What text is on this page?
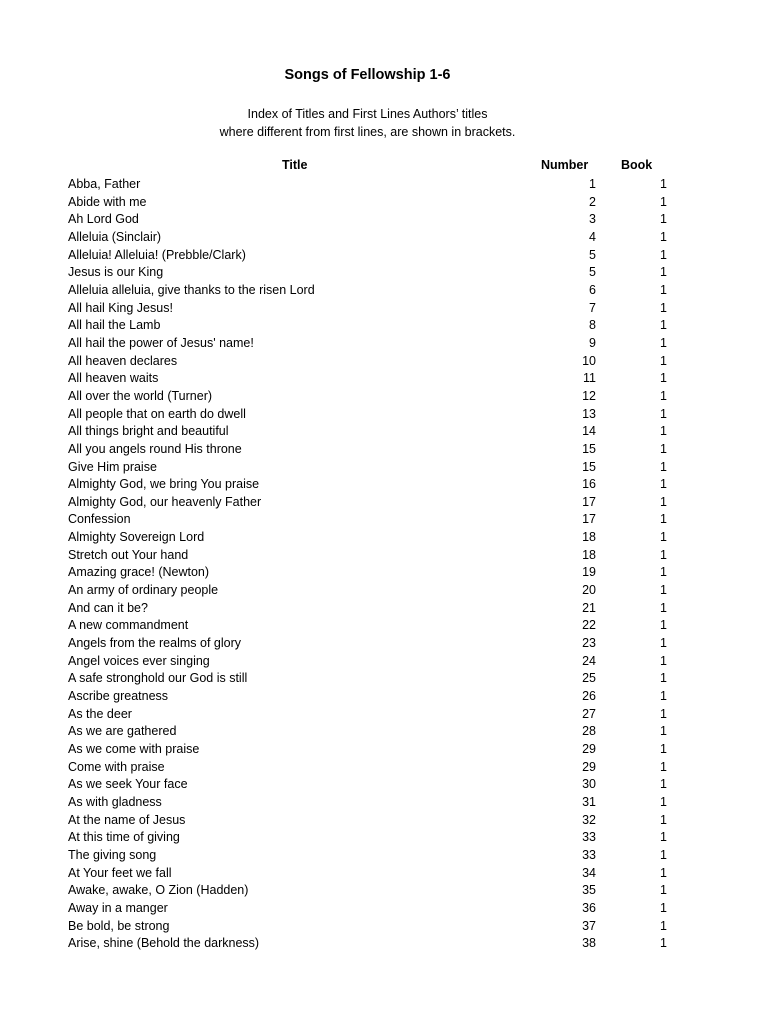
Songs of Fellowship 1-6
Index of Titles and First Lines Authors’ titles
where different from first lines, are shown in brackets.
Title	Number	Book
Abba, Father	1	1
Abide with me	2	1
Ah Lord God	3	1
Alleluia (Sinclair)	4	1
Alleluia! Alleluia! (Prebble/Clark)	5	1
Jesus is our King	5	1
Alleluia alleluia, give thanks to the risen Lord	6	1
All hail King Jesus!	7	1
All hail the Lamb	8	1
All hail the power of Jesus' name!	9	1
All heaven declares	10	1
All heaven waits	11	1
All over the world (Turner)	12	1
All people that on earth do dwell	13	1
All things bright and beautiful	14	1
All you angels round His throne	15	1
Give Him praise	15	1
Almighty God, we bring You praise	16	1
Almighty God, our heavenly Father	17	1
Confession	17	1
Almighty Sovereign Lord	18	1
Stretch out Your hand	18	1
Amazing grace! (Newton)	19	1
An army of ordinary people	20	1
And can it be?	21	1
A new commandment	22	1
Angels from the realms of glory	23	1
Angel voices ever singing	24	1
A safe stronghold our God is still	25	1
Ascribe greatness	26	1
As the deer	27	1
As we are gathered	28	1
As we come with praise	29	1
Come with praise	29	1
As we seek Your face	30	1
As with gladness	31	1
At the name of Jesus	32	1
At this time of giving	33	1
The giving song	33	1
At Your feet we fall	34	1
Awake, awake, O Zion (Hadden)	35	1
Away in a manger	36	1
Be bold, be strong	37	1
Arise, shine (Behold the darkness)	38	1
